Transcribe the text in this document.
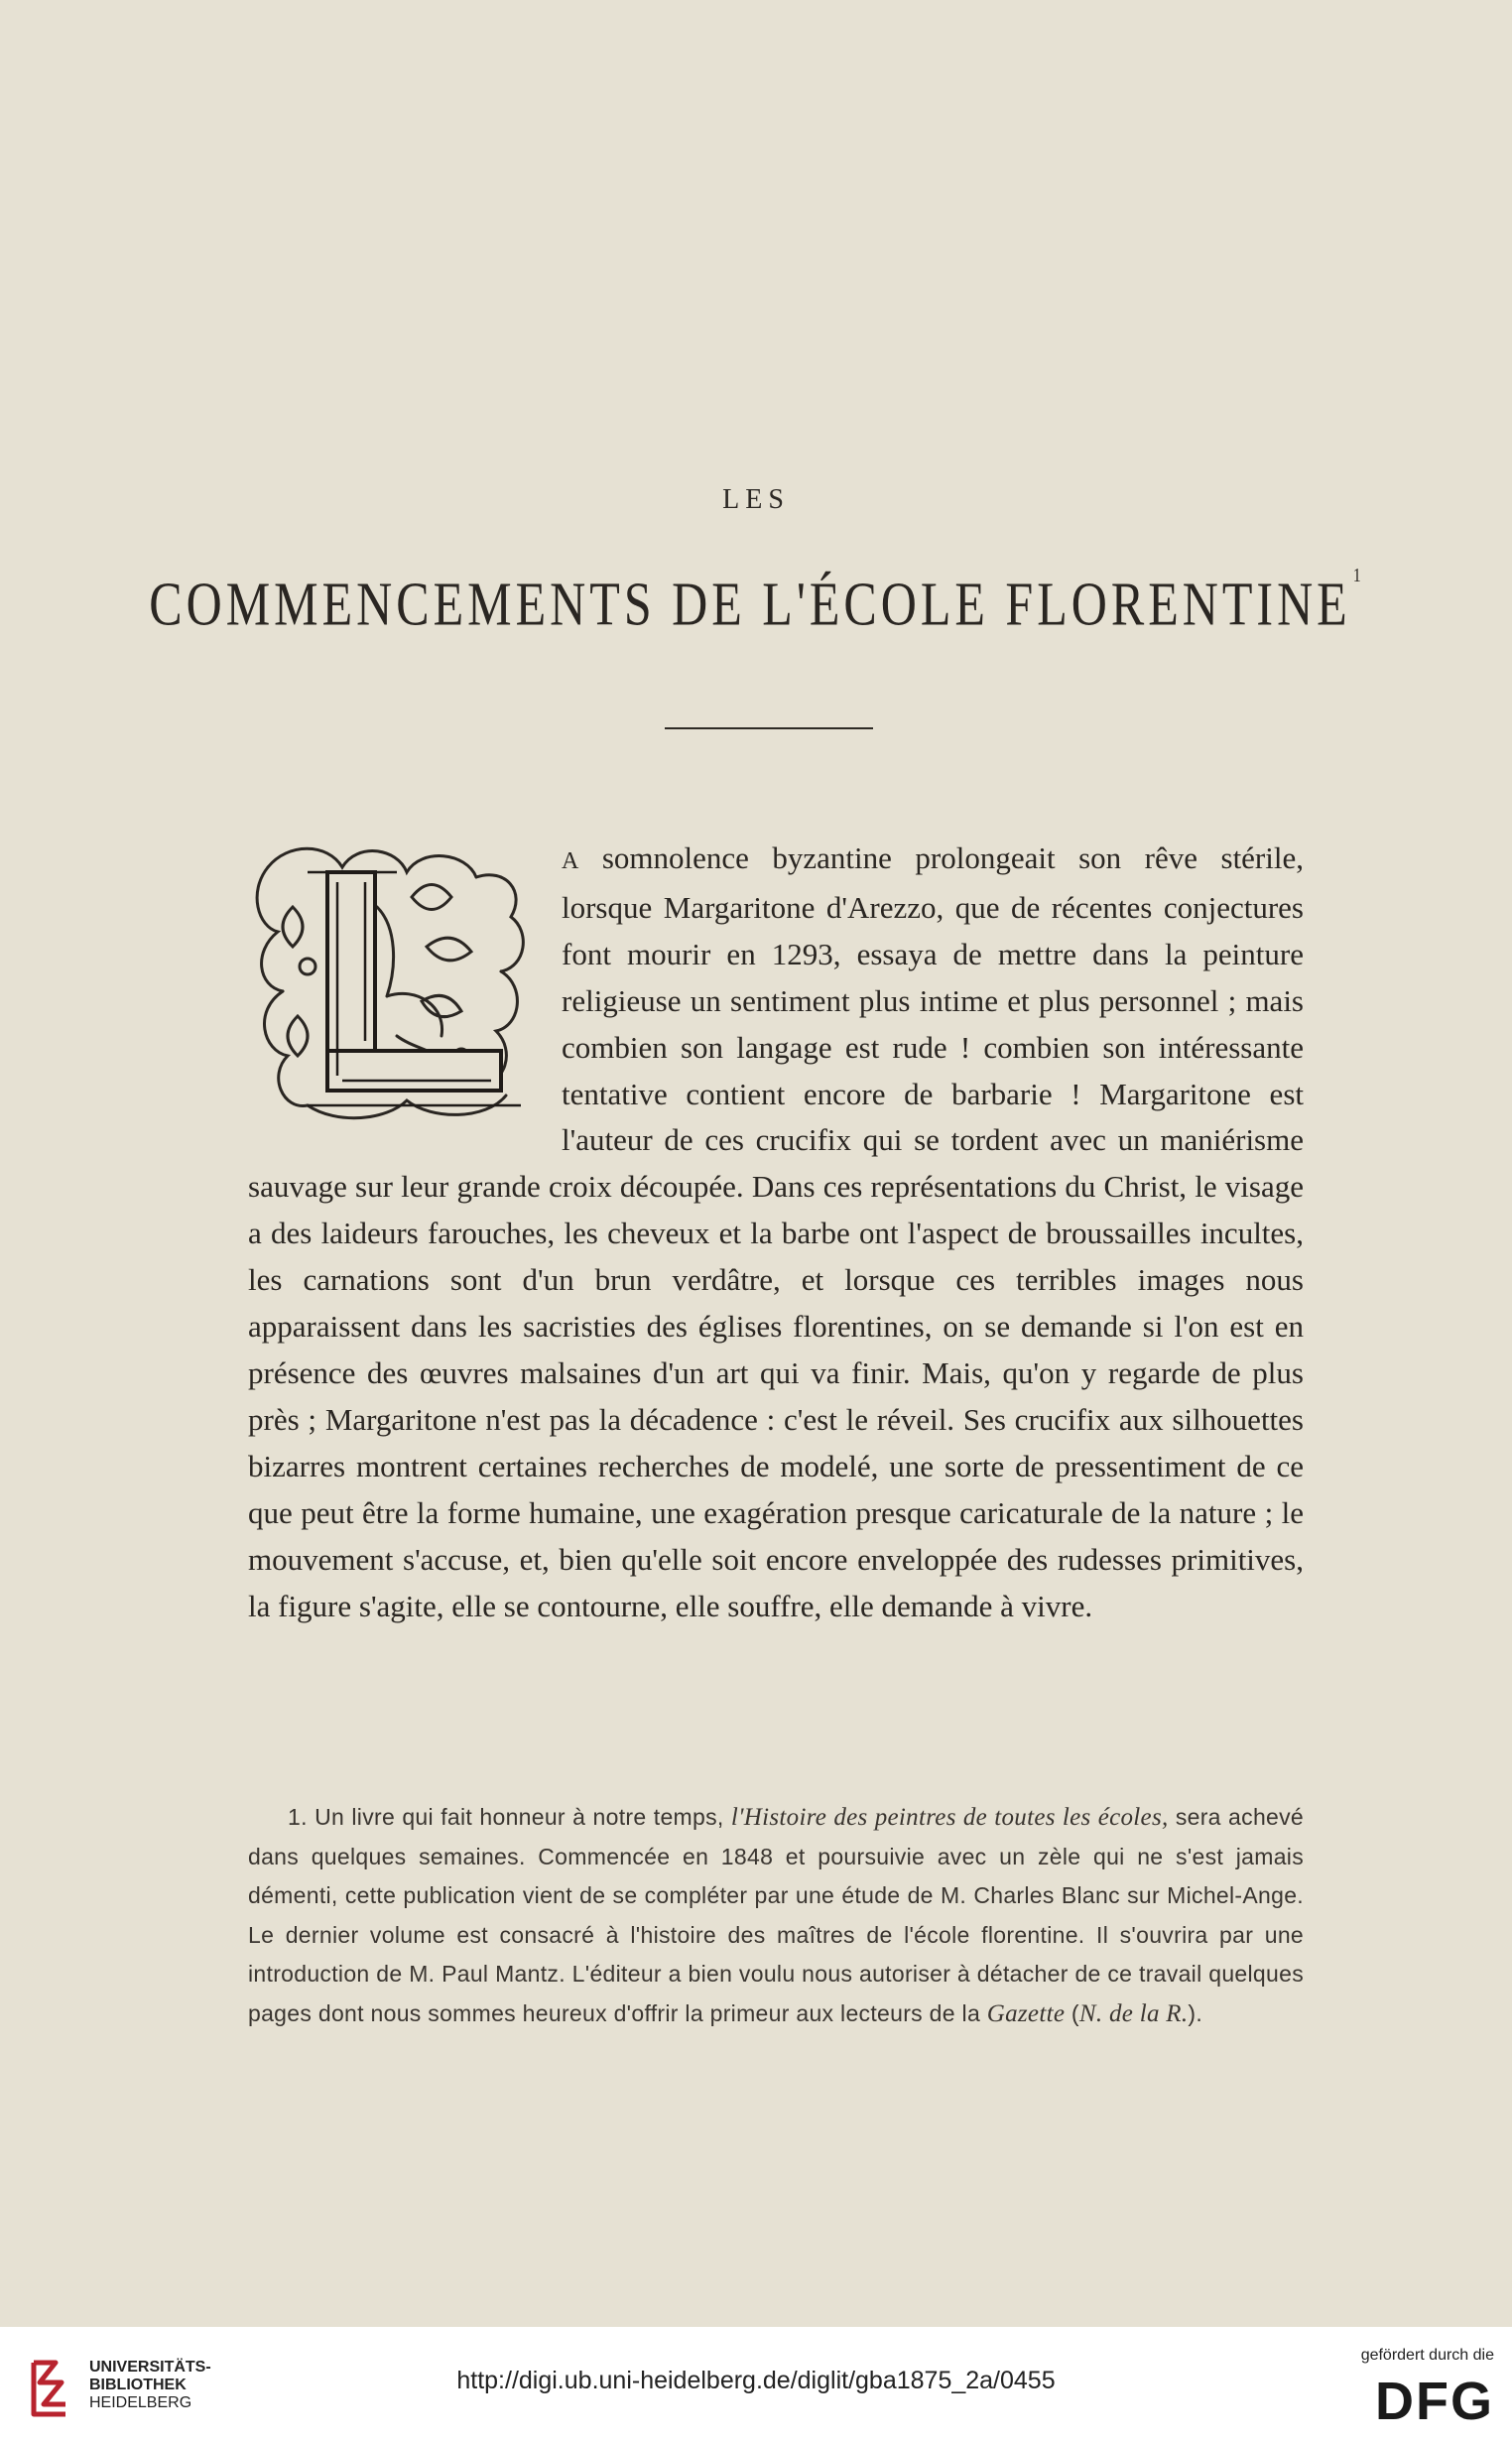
LES
COMMENCEMENTS DE L'ÉCOLE FLORENTINE $^1$
A somnolence byzantine prolongeait son rêve stérile, lorsque Margaritone d'Arezzo, que de récentes conjectures font mourir en 1293, essaya de mettre dans la peinture religieuse un sentiment plus intime et plus personnel ; mais combien son langage est rude ! combien son intéressante tentative contient encore de barbarie ! Margaritone est l'auteur de ces crucifix qui se tordent avec un maniérisme sauvage sur leur grande croix découpée. Dans ces représentations du Christ, le visage a des laideurs farouches, les cheveux et la barbe ont l'aspect de broussailles incultes, les carnations sont d'un brun verdâtre, et lorsque ces terribles images nous apparaissent dans les sacristies des églises florentines, on se demande si l'on est en présence des œuvres malsaines d'un art qui va finir. Mais, qu'on y regarde de plus près ; Margaritone n'est pas la décadence : c'est le réveil. Ses crucifix aux silhouettes bizarres montrent certaines recherches de modelé, une sorte de pressentiment de ce que peut être la forme humaine, une exagération presque caricaturale de la nature ; le mouvement s'accuse, et, bien qu'elle soit encore enveloppée des rudesses primitives, la figure s'agite, elle se contourne, elle souffre, elle demande à vivre.
1. Un livre qui fait honneur à notre temps, l'Histoire des peintres de toutes les écoles, sera achevé dans quelques semaines. Commencée en 1848 et poursuivie avec un zèle qui ne s'est jamais démenti, cette publication vient de se compléter par une étude de M. Charles Blanc sur Michel-Ange. Le dernier volume est consacré à l'histoire des maîtres de l'école florentine. Il s'ouvrira par une introduction de M. Paul Mantz. L'éditeur a bien voulu nous autoriser à détacher de ce travail quelques pages dont nous sommes heureux d'offrir la primeur aux lecteurs de la Gazette (N. de la R.).
UNIVERSITÄTS-
BIBLIOTHEK
HEIDELBERG
http://digi.ub.uni-heidelberg.de/diglit/gba1875_2a/0455
gefördert durch die
DFG
